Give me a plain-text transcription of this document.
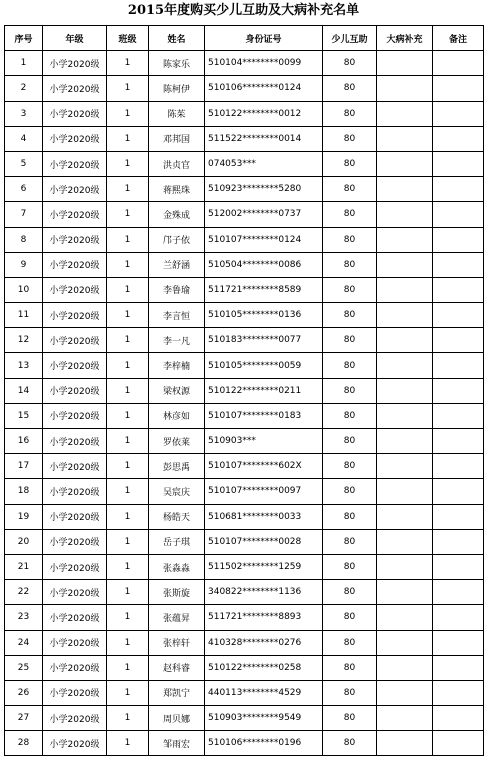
2015年度购买少儿互助及大病补充名单
序号	年级	班级	姓名	身份证号	少儿互助	大病补充	备注
1	小学2020级	1	陈家乐	510104********0099	80		
2	小学2020级	1	陈柯伊	510106********0124	80		
3	小学2020级	1	陈茱	510122********0012	80		
4	小学2020级	1	邓邦国	511522********0014	80		
5	小学2020级	1	洪贞官	074053***	80		
6	小学2020级	1	蒋熙珠	510923********5280	80		
7	小学2020级	1	金殊成	512002********0737	80		
8	小学2020级	1	邝子依	510107********0124	80		
9	小学2020级	1	兰舒涵	510504********0086	80		
10	小学2020级	1	李鲁瑜	511721********8589	80		
11	小学2020级	1	李言恒	510105********0136	80		
12	小学2020级	1	李一凡	510183********0077	80		
13	小学2020级	1	李梓楠	510105********0059	80		
14	小学2020级	1	梁权源	510122********0211	80		
15	小学2020级	1	林彦如	510107********0183	80		
16	小学2020级	1	罗依莱	510903***	80		
17	小学2020级	1	彭思禹	510107********602X	80		
18	小学2020级	1	吴宸庆	510107********0097	80		
19	小学2020级	1	杨皓天	510681********0033	80		
20	小学2020级	1	岳子琪	510107********0028	80		
21	小学2020级	1	张淼淼	511502********1259	80		
22	小学2020级	1	张斯旋	340822********1136	80		
23	小学2020级	1	张蕴昇	511721********8893	80		
24	小学2020级	1	张梓轩	410328********0276	80		
25	小学2020级	1	赵科睿	510122********0258	80		
26	小学2020级	1	郑凯宁	440113********4529	80		
27	小学2020级	1	周贝娜	510903********9549	80		
28	小学2020级	1	邹雨宏	510106********0196	80		
